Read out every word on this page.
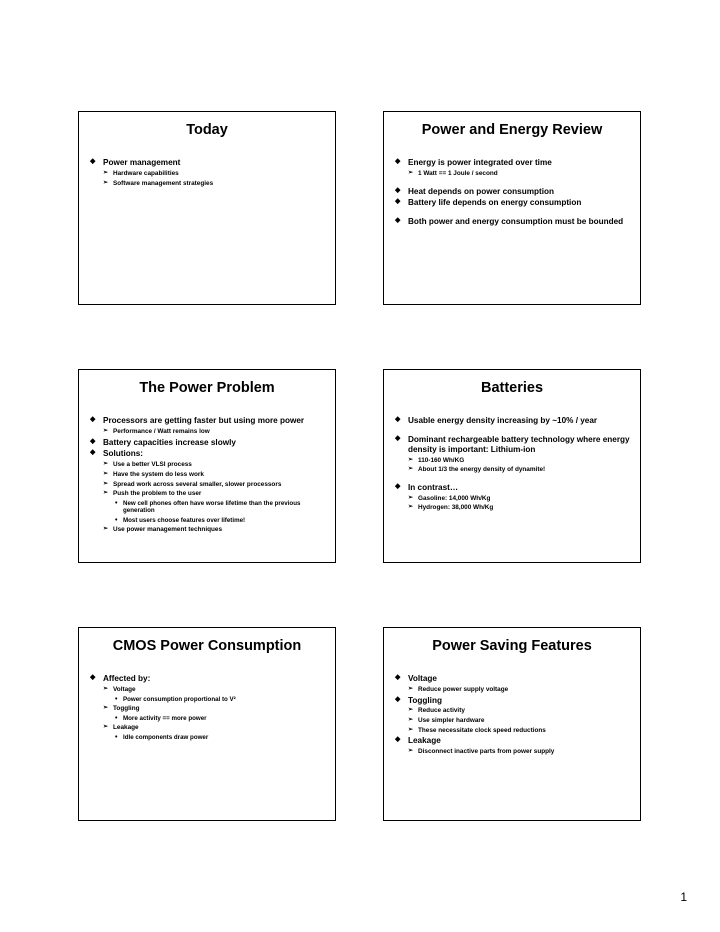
Today
◆ Power management
➢ Hardware capabilities
➢ Software management strategies
Power and Energy Review
◆ Energy is power integrated over time
➢ 1 Watt == 1 Joule / second
◆ Heat depends on power consumption
◆ Battery life depends on energy consumption
◆ Both power and energy consumption must be bounded
The Power Problem
◆ Processors are getting faster but using more power
➢ Performance / Watt remains low
◆ Battery capacities increase slowly
◆ Solutions:
➢ Use a better VLSI process
➢ Have the system do less work
➢ Spread work across several smaller, slower processors
➢ Push the problem to the user
• New cell phones often have worse lifetime than the previous generation
• Most users choose features over lifetime!
➢ Use power management techniques
Batteries
◆ Usable energy density increasing by ~10% / year
◆ Dominant rechargeable battery technology where energy density is important: Lithium-ion
➢ 110-160 Wh/KG
➢ About 1/3 the energy density of dynamite!
◆ In contrast…
➢ Gasoline: 14,000 Wh/Kg
➢ Hydrogen: 38,000 Wh/Kg
CMOS Power Consumption
◆ Affected by:
➢ Voltage
• Power consumption proportional to V²
➢ Toggling
• More activity == more power
➢ Leakage
• Idle components draw power
Power Saving Features
◆ Voltage
➢ Reduce power supply voltage
◆ Toggling
➢ Reduce activity
➢ Use simpler hardware
➢ These necessitate clock speed reductions
◆ Leakage
➢ Disconnect inactive parts from power supply
1
